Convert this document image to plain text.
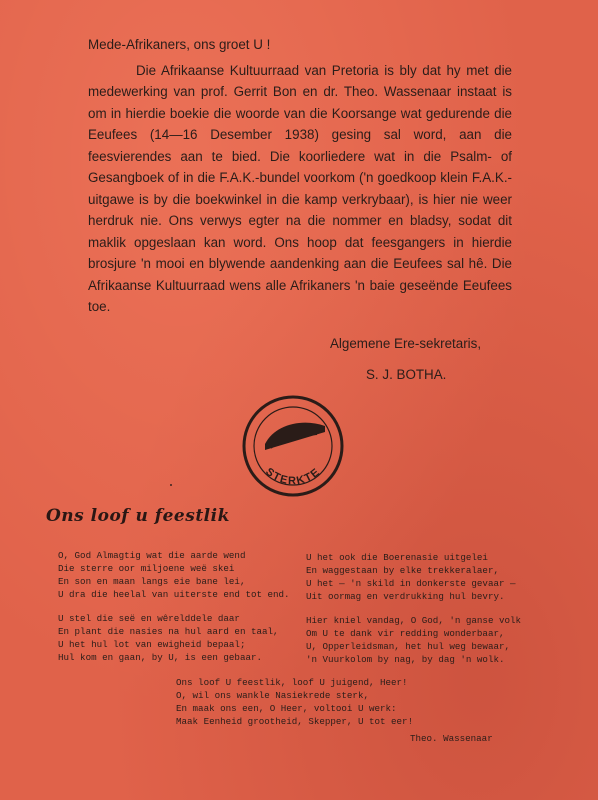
Mede-Afrikaners, ons groet U !

Die Afrikaanse Kultuurraad van Pretoria is bly dat hy met die medewerking van prof. Gerrit Bon en dr. Theo. Wassenaar instaat is om in hierdie boekie die woorde van die Koorsange wat gedurende die Eeufees (14—16 Desember 1938) gesing sal word, aan die feesvierendes aan te bied. Die koorliedere wat in die Psalm- of Gesangboek of in die F.A.K.-bundel voorkom ('n goedkoop klein F.A.K.-uitgawe is by die boekwinkel in die kamp verkrybaar), is hier nie weer herdruk nie. Ons verwys egter na die nommer en bladsy, sodat dit maklik opgeslaan kan word. Ons hoop dat feesgangers in hierdie brosjure 'n mooi en blywende aandenking aan die Eeufees sal hê. Die Afrikaanse Kultuurraad wens alle Afrikaners 'n baie geseënde Eeufees toe.

Algemene Ere-sekretaris,
S. J. BOTHA.
STERKTE
Ons loof u feestlik
O, God Almagtig wat die aarde wend
Die sterre oor miljoene weë skei
En son en maan langs eie bane lei,
U dra die heelal van uiterste end tot end.
U stel die seë en wêrelddele daar
En plant die nasies na hul aard en taal,
U het hul lot van ewigheid bepaal;
Hul kom en gaan, by U, is een gebaar.
U het ook die Boerenasie uitgelei
En waggestaan by elke trekkeralaer,
U het — 'n skild in donkerste gevaar —
Uit oormag en verdrukking hul bevry.
Hier kniel vandag, O God, 'n ganse volk
Om U te dank vir redding wonderbaar,
U, Opperleidsman, het hul weg bewaar,
'n Vuurkolom by nag, by dag 'n wolk.
Ons loof U feestlik, loof U juigend, Heer!
O, wil ons wankle Nasiekrede sterk,
En maak ons een, O Heer, voltooi U werk:
Maak Eenheid grootheid, Skepper, U tot eer!
Theo. Wassenaar
